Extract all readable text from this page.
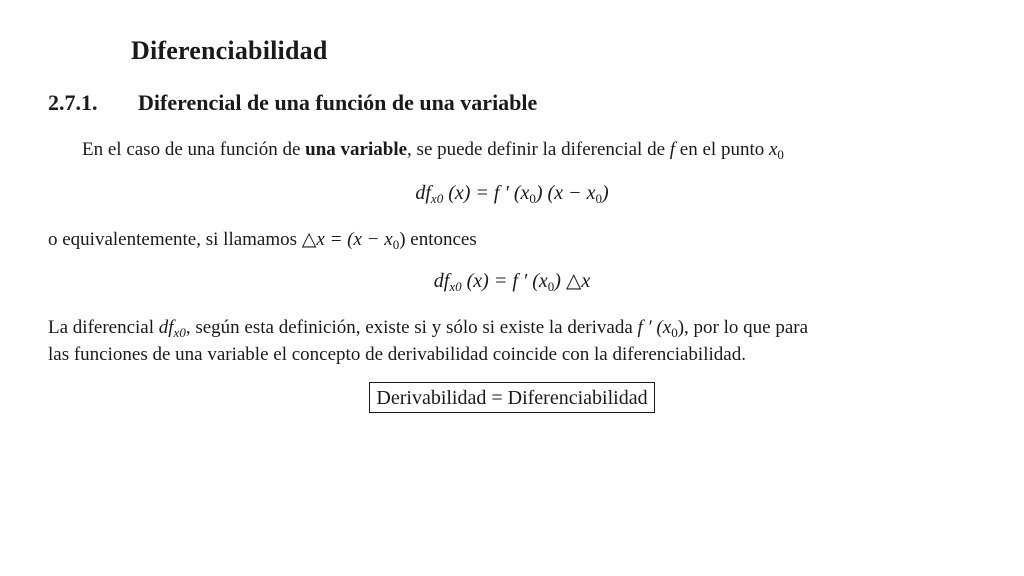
Diferenciabilidad
2.7.1. Diferencial de una función de una variable
En el caso de una función de una variable, se puede definir la diferencial de f en el punto $x_0$
$df_{x0}$ (x) = f ′ $(x_0) (x - x_0)$
o equivalentemente, si llamamos △x = $(x - x_0)$ entonces
$df_{x0}$ (x) = f ′ $(x_0)$ △x
La diferencial $df_{x0}$, según esta definición, existe si y sólo si existe la derivada f ′ $(x_0)$, por lo que para
las funciones de una variable el concepto de derivabilidad coincide con la diferenciabilidad.
Derivabilidad = Diferenciabilidad
